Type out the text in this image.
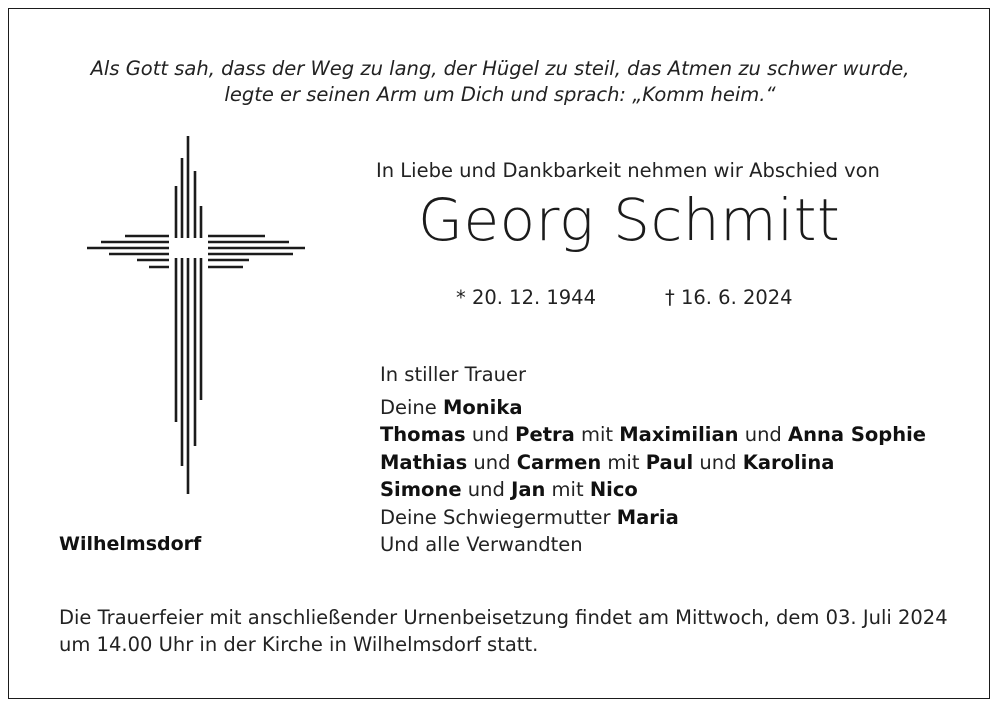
Als Gott sah, dass der Weg zu lang, der Hügel zu steil, das Atmen zu schwer wurde,
legte er seinen Arm um Dich und sprach: „Komm heim.“
In Liebe und Dankbarkeit nehmen wir Abschied von
Georg Schmitt
* 20. 12. 1944	† 16. 6. 2024
In stiller Trauer
Deine Monika
Thomas und Petra mit Maximilian und Anna Sophie
Mathias und Carmen mit Paul und Karolina
Simone und Jan mit Nico
Deine Schwiegermutter Maria
Und alle Verwandten
Wilhelmsdorf
Die Trauerfeier mit anschließender Urnenbeisetzung findet am Mittwoch, dem 03. Juli 2024
um 14.00 Uhr in der Kirche in Wilhelmsdorf statt.
